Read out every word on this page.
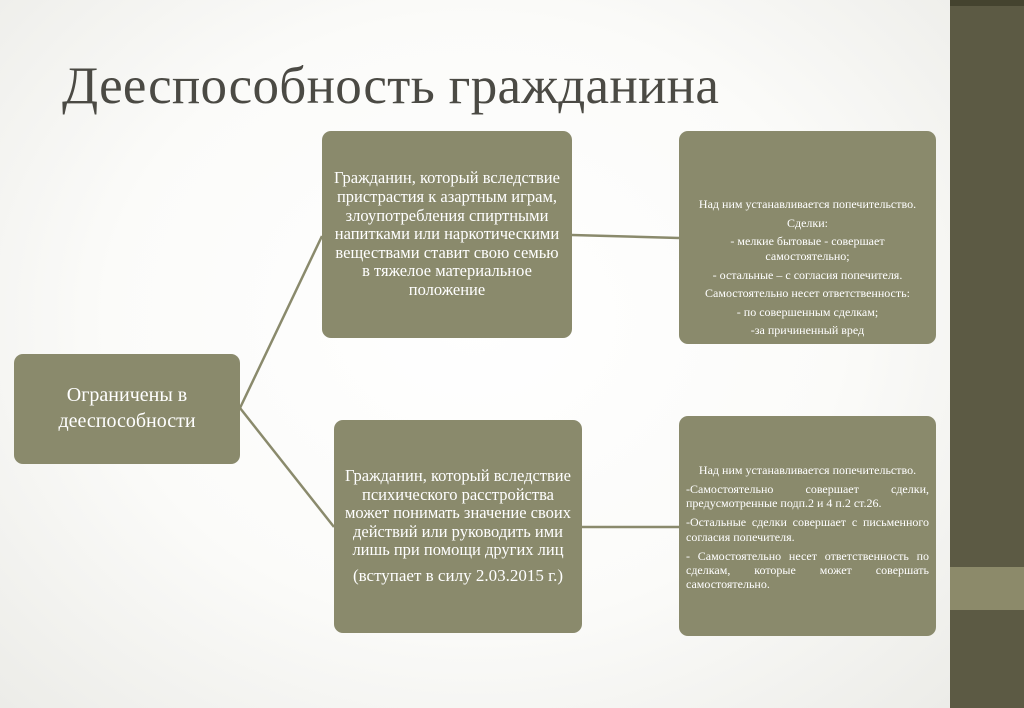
Дееспособность гражданина

Ограничены в дееспособности

Гражданин, который вследствие пристрастия к азартным играм, злоупотребления спиртными напитками или наркотическими веществами ставит свою семью в тяжелое материальное положение

Гражданин, который вследствие психического расстройства может понимать значение своих действий или руководить ими лишь при помощи других лиц

(вступает в силу 2.03.2015 г.)

Над ним устанавливается попечительство.

Сделки:

- мелкие бытовые - совершает самостоятельно;

- остальные – с согласия попечителя.

Самостоятельно несет ответственность:

- по совершенным сделкам;

-за причиненный вред

Над ним устанавливается попечительство.

-Самостоятельно совершает сделки, предусмотренные подп.2 и 4 п.2 ст.26.

-Остальные сделки совершает с письменного согласия попечителя.

- Самостоятельно несет ответственность по сделкам, которые может совершать самостоятельно.
